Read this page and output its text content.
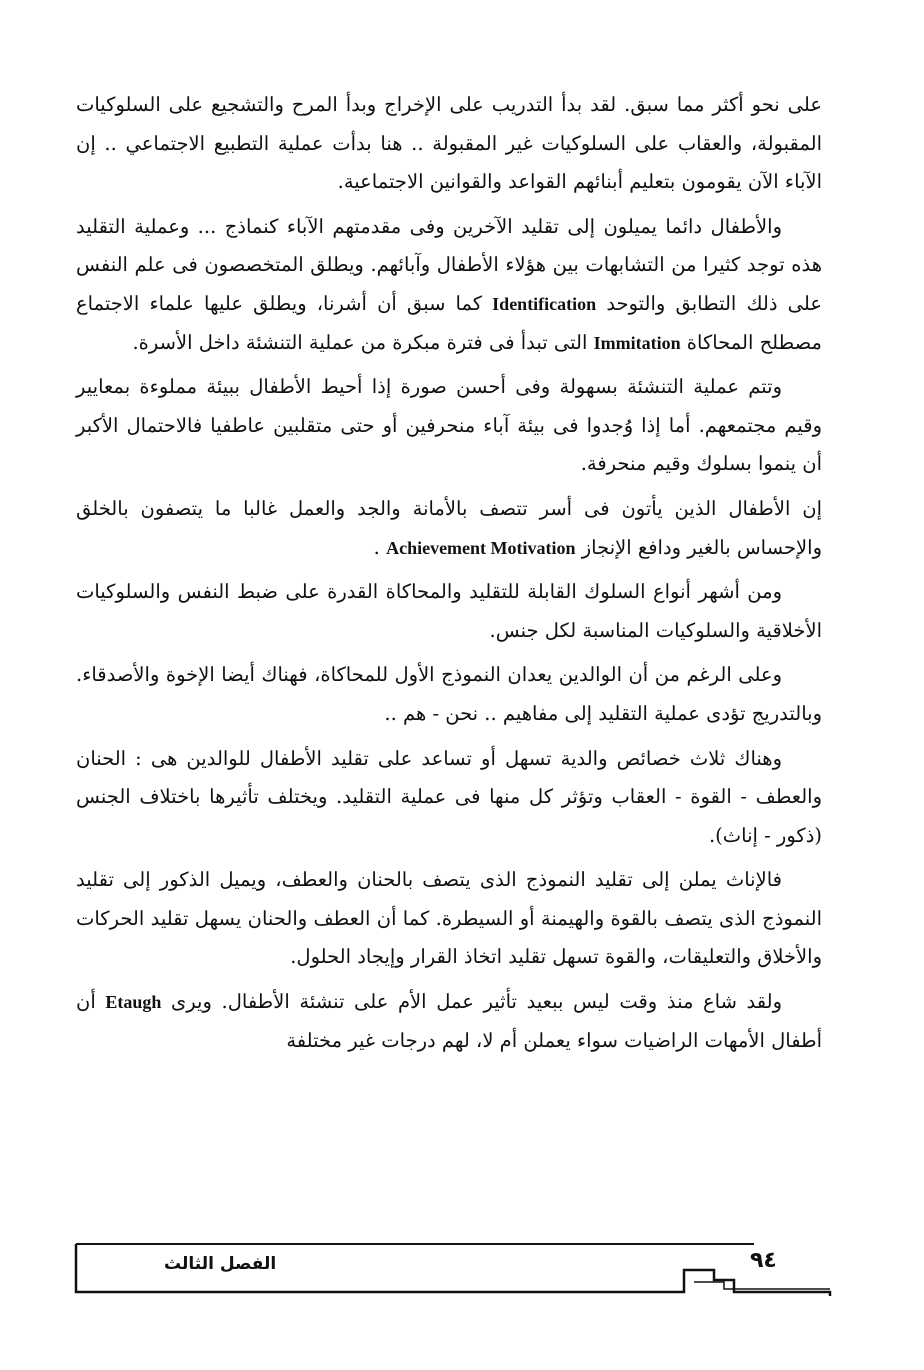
على نحو أكثر مما سبق. لقد بدأ التدريب على الإخراج وبدأ المرح والتشجيع على السلوكيات المقبولة، والعقاب على السلوكيات غير المقبولة .. هنا بدأت عملية التطبيع الاجتماعي .. إن الآباء الآن يقومون بتعليم أبنائهم القواعد والقوانين الاجتماعية.

والأطفال دائما يميلون إلى تقليد الآخرين وفى مقدمتهم الآباء كنماذج ... وعملية التقليد هذه توجد كثيرا من التشابهات بين هؤلاء الأطفال وآبائهم. ويطلق المتخصصون فى علم النفس على ذلك التطابق والتوحد Identification كما سبق أن أشرنا، ويطلق عليها علماء الاجتماع مصطلح المحاكاة Immitation التى تبدأ فى فترة مبكرة من عملية التنشئة داخل الأسرة.

وتتم عملية التنشئة بسهولة وفى أحسن صورة إذا أحيط الأطفال ببيئة مملوءة بمعايير وقيم مجتمعهم. أما إذا وُجدوا فى بيئة آباء منحرفين أو حتى متقلبين عاطفيا فالاحتمال الأكبر أن ينموا بسلوك وقيم منحرفة.

إن الأطفال الذين يأتون فى أسر تتصف بالأمانة والجد والعمل غالبا ما يتصفون بالخلق والإحساس بالغير ودافع الإنجاز Achievement Motivation .

ومن أشهر أنواع السلوك القابلة للتقليد والمحاكاة القدرة على ضبط النفس والسلوكيات الأخلاقية والسلوكيات المناسبة لكل جنس.

وعلى الرغم من أن الوالدين يعدان النموذج الأول للمحاكاة، فهناك أيضا الإخوة والأصدقاء. وبالتدريج تؤدى عملية التقليد إلى مفاهيم .. نحن - هم ..

وهناك ثلاث خصائص والدية تسهل أو تساعد على تقليد الأطفال للوالدين هى : الحنان والعطف - القوة - العقاب وتؤثر كل منها فى عملية التقليد. ويختلف تأثيرها باختلاف الجنس (ذكور - إناث).

فالإناث يملن إلى تقليد النموذج الذى يتصف بالحنان والعطف، ويميل الذكور إلى تقليد النموذج الذى يتصف بالقوة والهيمنة أو السيطرة. كما أن العطف والحنان يسهل تقليد الحركات والأخلاق والتعليقات، والقوة تسهل تقليد اتخاذ القرار وإيجاد الحلول.

ولقد شاع منذ وقت ليس ببعيد تأثير عمل الأم على تنشئة الأطفال. ويرى Etaugh أن أطفال الأمهات الراضيات سواء يعملن أم لا، لهم درجات غير مختلفة

الفصل الثالث	٩٤
